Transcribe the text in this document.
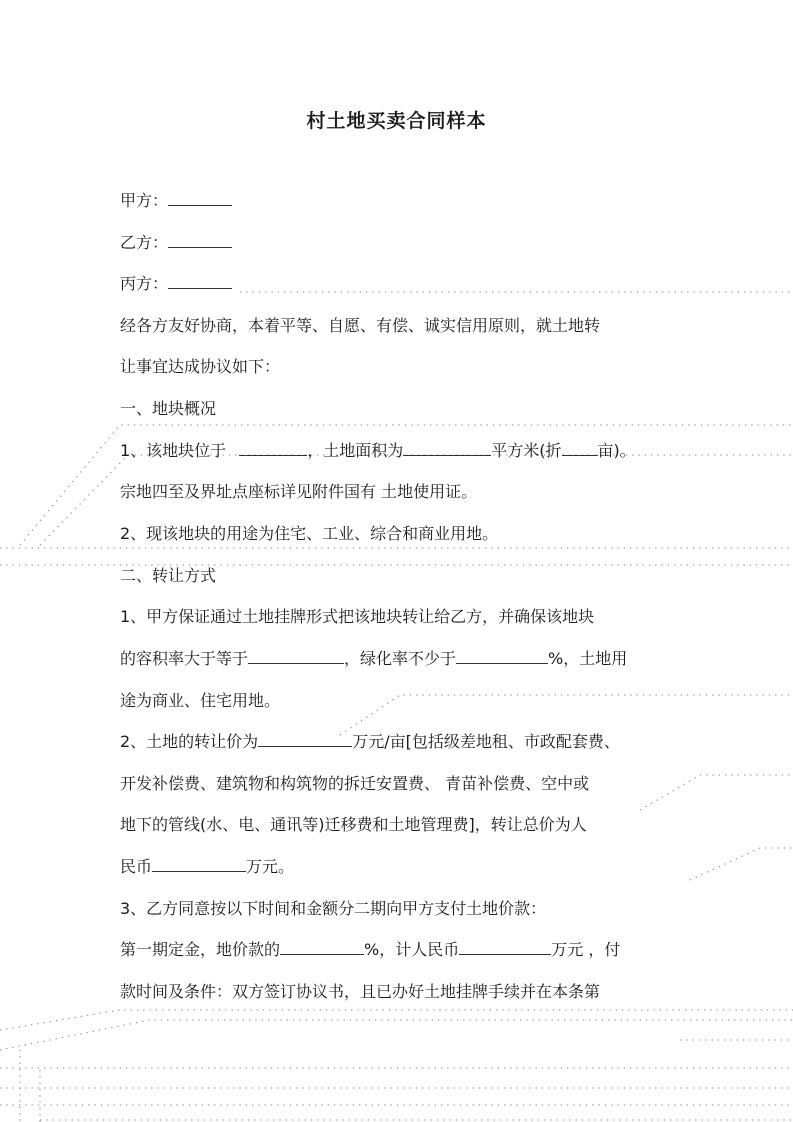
村土地买卖合同样本
甲方：
乙方：
丙方：
经各方友好协商，本着平等、自愿、有偿、诚实信用原则，就土地转
让事宜达成协议如下：
一、地块概况
1、该地块位于	，土地面积为	平方米(折 亩)。
宗地四至及界址点座标详见附件国有 土地使用证。
2、现该地块的用途为住宅、工业、综合和商业用地。
二、转让方式
1、甲方保证通过土地挂牌形式把该地块转让给乙方，并确保该地块
的容积率大于等于	，绿化率不少于	%，土地用
途为商业、住宅用地。
2、土地的转让价为	万元/亩[包括级差地租、市政配套费、
开发补偿费、建筑物和构筑物的拆迁安置费、 青苗补偿费、空中或
地下的管线(水、电、通讯等)迁移费和土地管理费]，转让总价为人
民币	万元。
3、乙方同意按以下时间和金额分二期向甲方支付土地价款：
第一期定金，地价款的	%，计人民币	万元 ，付
款时间及条件：双方签订协议书，且已办好土地挂牌手续并在本条第
